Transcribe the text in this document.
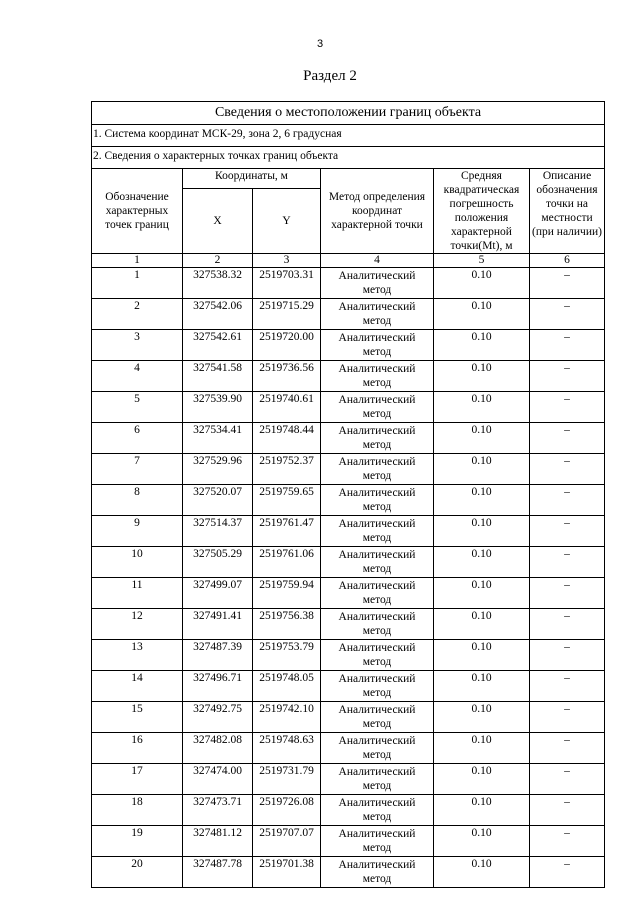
3
Раздел 2
Сведения о местоположении границ объекта					
1. Система координат МСК-29, зона 2, 6 градусная					
2. Сведения о характерных точках границ объекта					
Обозначение характерных точек границ	Координаты, м		Метод определения координат характерной точки	Средняя квадратическая погрешность положения характерной точки(Mt), м	Описание обозначения точки на местности (при наличии)
	X	Y			
1	2	3	4	5	6
1	327538.32	2519703.31	Аналитический метод	0.10	–
2	327542.06	2519715.29	Аналитический метод	0.10	–
3	327542.61	2519720.00	Аналитический метод	0.10	–
4	327541.58	2519736.56	Аналитический метод	0.10	–
5	327539.90	2519740.61	Аналитический метод	0.10	–
6	327534.41	2519748.44	Аналитический метод	0.10	–
7	327529.96	2519752.37	Аналитический метод	0.10	–
8	327520.07	2519759.65	Аналитический метод	0.10	–
9	327514.37	2519761.47	Аналитический метод	0.10	–
10	327505.29	2519761.06	Аналитический метод	0.10	–
11	327499.07	2519759.94	Аналитический метод	0.10	–
12	327491.41	2519756.38	Аналитический метод	0.10	–
13	327487.39	2519753.79	Аналитический метод	0.10	–
14	327496.71	2519748.05	Аналитический метод	0.10	–
15	327492.75	2519742.10	Аналитический метод	0.10	–
16	327482.08	2519748.63	Аналитический метод	0.10	–
17	327474.00	2519731.79	Аналитический метод	0.10	–
18	327473.71	2519726.08	Аналитический метод	0.10	–
19	327481.12	2519707.07	Аналитический метод	0.10	–
20	327487.78	2519701.38	Аналитический метод	0.10	–
